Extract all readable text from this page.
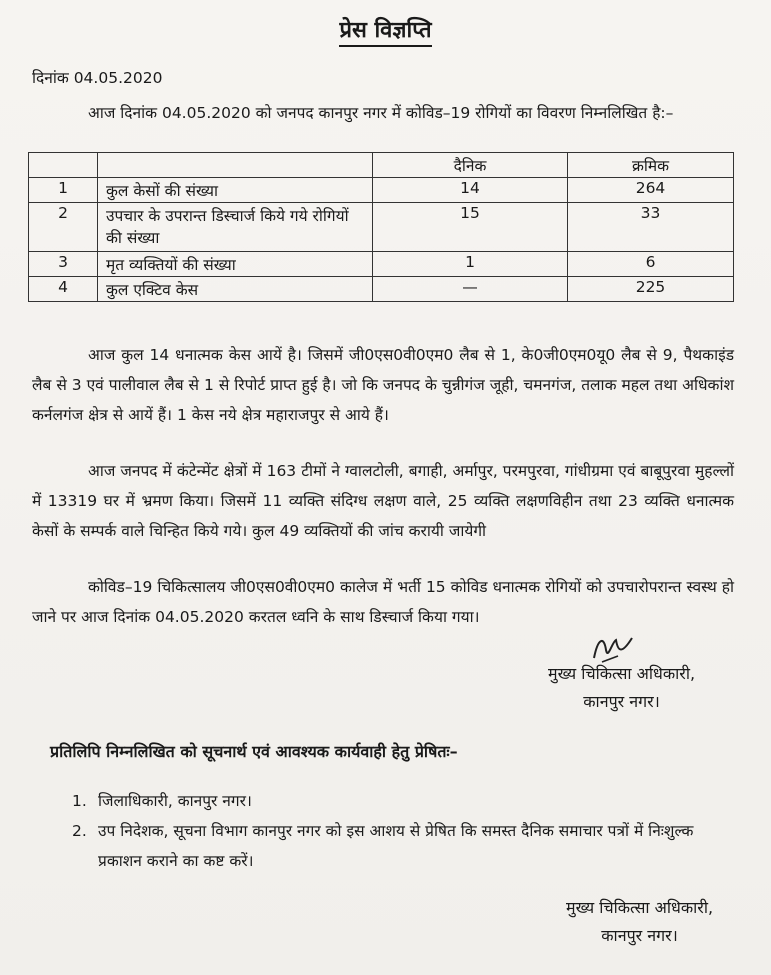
प्रेस विज्ञप्ति
दिनांक 04.05.2020
आज दिनांक 04.05.2020 को जनपद कानपुर नगर में कोविड–19 रोगियों का विवरण निम्नलिखित है:–
		दैनिक	क्रमिक
1	कुल केसों की संख्या	14	264
2	उपचार के उपरान्त डिस्चार्ज किये गये रोगियों की संख्या	15	33
3	मृत व्यक्तियों की संख्या	1	6
4	कुल एक्टिव केस	—	225
आज कुल 14 धनात्मक केस आयें है। जिसमें जी0एस0वी0एम0 लैब से 1, के0जी0एम0यू0 लैब से 9, पैथकाइंड लैब से 3 एवं पालीवाल लैब से 1 से रिपोर्ट प्राप्त हुई है। जो कि जनपद के चुन्नीगंज जूही, चमनगंज, तलाक महल तथा अधिकांश कर्नलगंज क्षेत्र से आयें हैं। 1 केस नये क्षेत्र महाराजपुर से आये हैं।
आज जनपद में कंटेन्मेंट क्षेत्रों में 163 टीमों ने ग्वालटोली, बगाही, अर्मापुर, परमपुरवा, गांधीग्रमा एवं बाबूपुरवा मुहल्लों में 13319 घर में भ्रमण किया। जिसमें 11 व्यक्ति संदिग्ध लक्षण वाले, 25 व्यक्ति लक्षणविहीन तथा 23 व्यक्ति धनात्मक केसों के सम्पर्क वाले चिन्हित किये गये। कुल 49 व्यक्तियों की जांच करायी जायेगी
कोविड–19 चिकित्सालय जी0एस0वी0एम0 कालेज में भर्ती 15 कोविड धनात्मक रोगियों को उपचारोपरान्त स्वस्थ हो जाने पर आज दिनांक 04.05.2020 करतल ध्वनि के साथ डिस्चार्ज किया गया।
मुख्य चिकित्सा अधिकारी,
कानपुर नगर।
प्रतिलिपि निम्नलिखित को सूचनार्थ एवं आवश्यक कार्यवाही हेतु प्रेषितः–
1. जिलाधिकारी, कानपुर नगर।
2. उप निदेशक, सूचना विभाग कानपुर नगर को इस आशय से प्रेषित कि समस्त दैनिक समाचार पत्रों में निःशुल्क प्रकाशन कराने का कष्ट करें।
मुख्य चिकित्सा अधिकारी,
कानपुर नगर।
